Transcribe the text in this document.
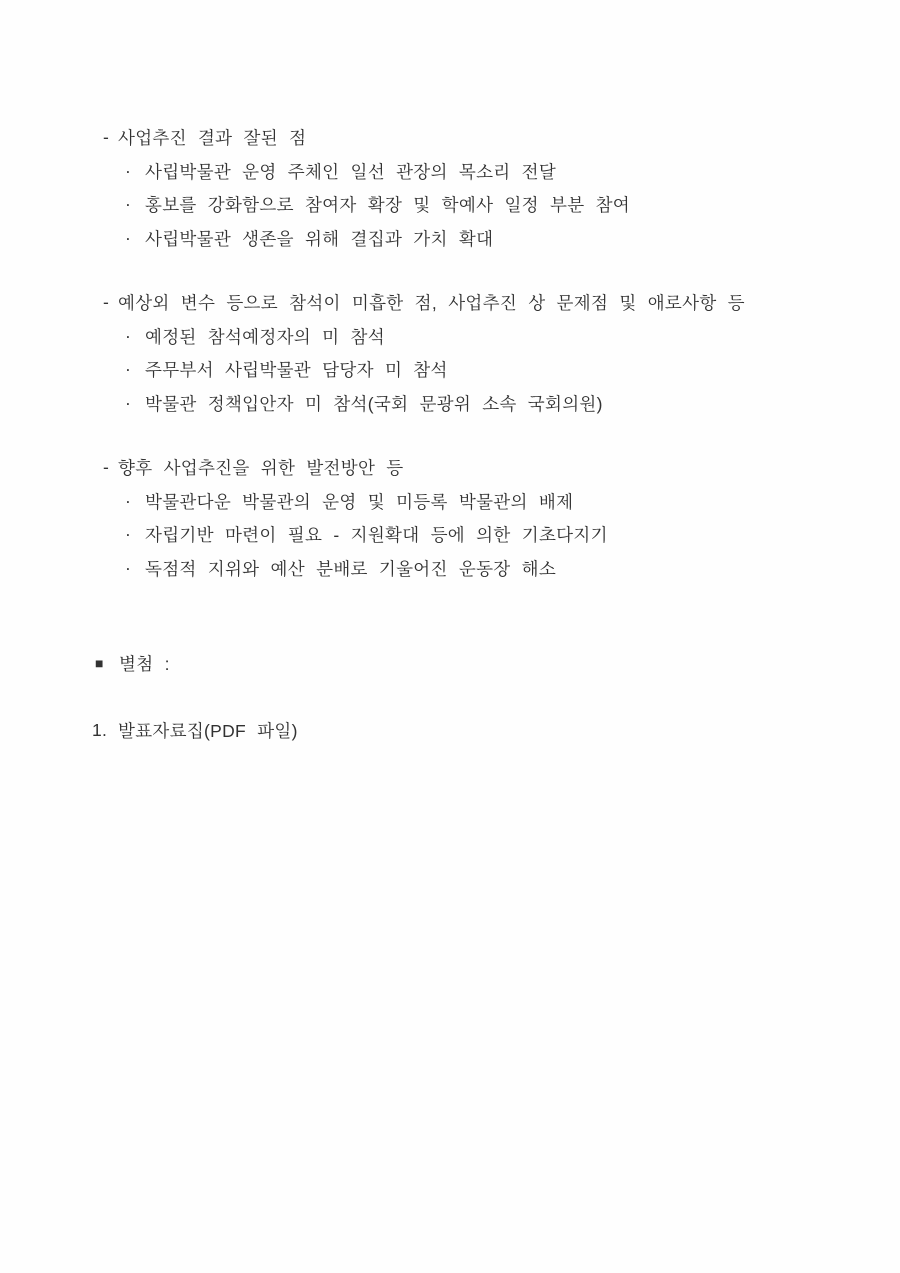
- 사업추진 결과 잘된 점
· 사립박물관 운영 주체인 일선 관장의 목소리 전달
· 홍보를 강화함으로 참여자 확장 및 학예사 일정 부분 참여
· 사립박물관 생존을 위해 결집과 가치 확대
- 예상외 변수 등으로 참석이 미흡한 점, 사업추진 상 문제점 및 애로사항 등
· 예정된 참석예정자의 미 참석
· 주무부서 사립박물관 담당자 미 참석
· 박물관 정책입안자 미 참석(국회 문광위 소속 국회의원)
- 향후 사업추진을 위한 발전방안 등
· 박물관다운 박물관의 운영 및 미등록 박물관의 배제
· 자립기반 마련이 필요 - 지원확대 등에 의한 기초다지기
· 독점적 지위와 예산 분배로 기울어진 운동장 해소
■ 별첨 :
1. 발표자료집(PDF 파일)
